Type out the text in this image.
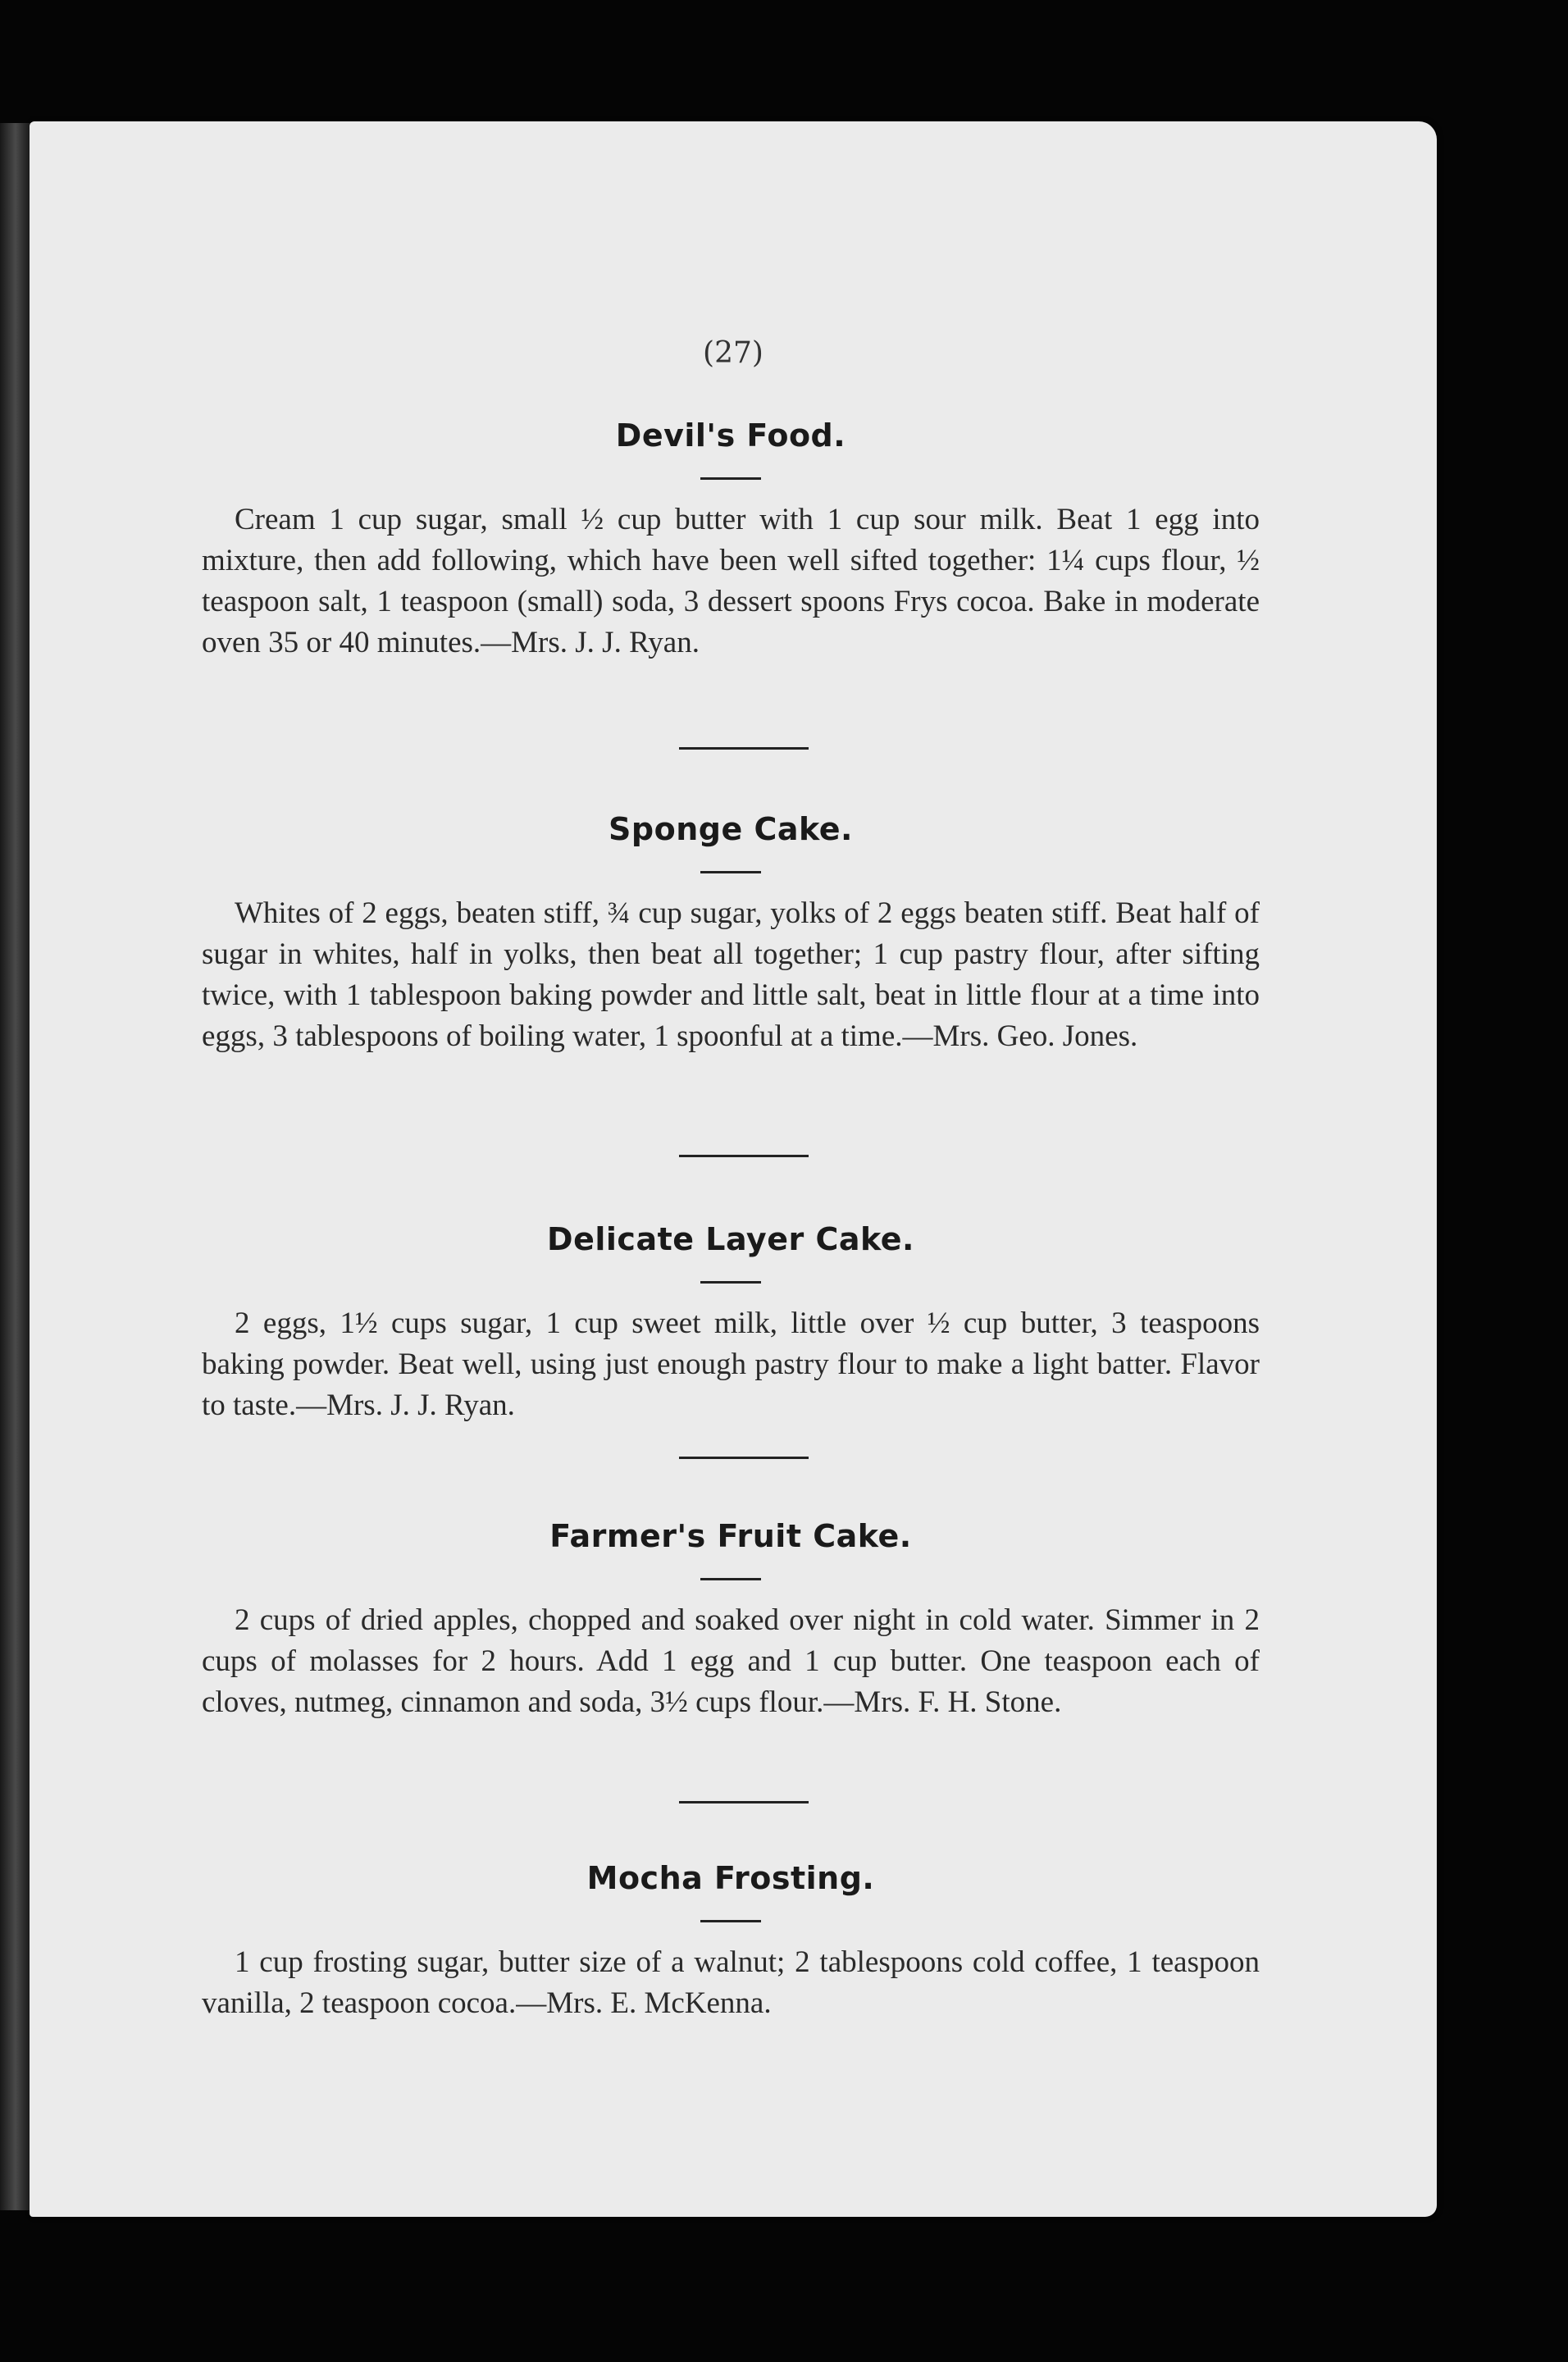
(27)
Devil's Food.

Cream 1 cup sugar, small ½ cup butter with 1 cup sour milk. Beat 1 egg into mixture, then add following, which have been well sifted together: 1¼ cups flour, ½ teaspoon salt, 1 teaspoon (small) soda, 3 dessert spoons Frys cocoa. Bake in moderate oven 35 or 40 minutes.—Mrs. J. J. Ryan.

Sponge Cake.

Whites of 2 eggs, beaten stiff, ¾ cup sugar, yolks of 2 eggs beaten stiff. Beat half of sugar in whites, half in yolks, then beat all together; 1 cup pastry flour, after sifting twice, with 1 tablespoon baking powder and little salt, beat in little flour at a time into eggs, 3 tablespoons of boiling water, 1 spoonful at a time.—Mrs. Geo. Jones.

Delicate Layer Cake.

2 eggs, 1½ cups sugar, 1 cup sweet milk, little over ½ cup butter, 3 teaspoons baking powder. Beat well, using just enough pastry flour to make a light batter. Flavor to taste.—Mrs. J. J. Ryan.

Farmer's Fruit Cake.

2 cups of dried apples, chopped and soaked over night in cold water. Simmer in 2 cups of molasses for 2 hours. Add 1 egg and 1 cup butter. One teaspoon each of cloves, nutmeg, cinnamon and soda, 3½ cups flour.—Mrs. F. H. Stone.

Mocha Frosting.

1 cup frosting sugar, butter size of a walnut; 2 tablespoons cold coffee, 1 teaspoon vanilla, 2 teaspoon cocoa.—Mrs. E. McKenna.
